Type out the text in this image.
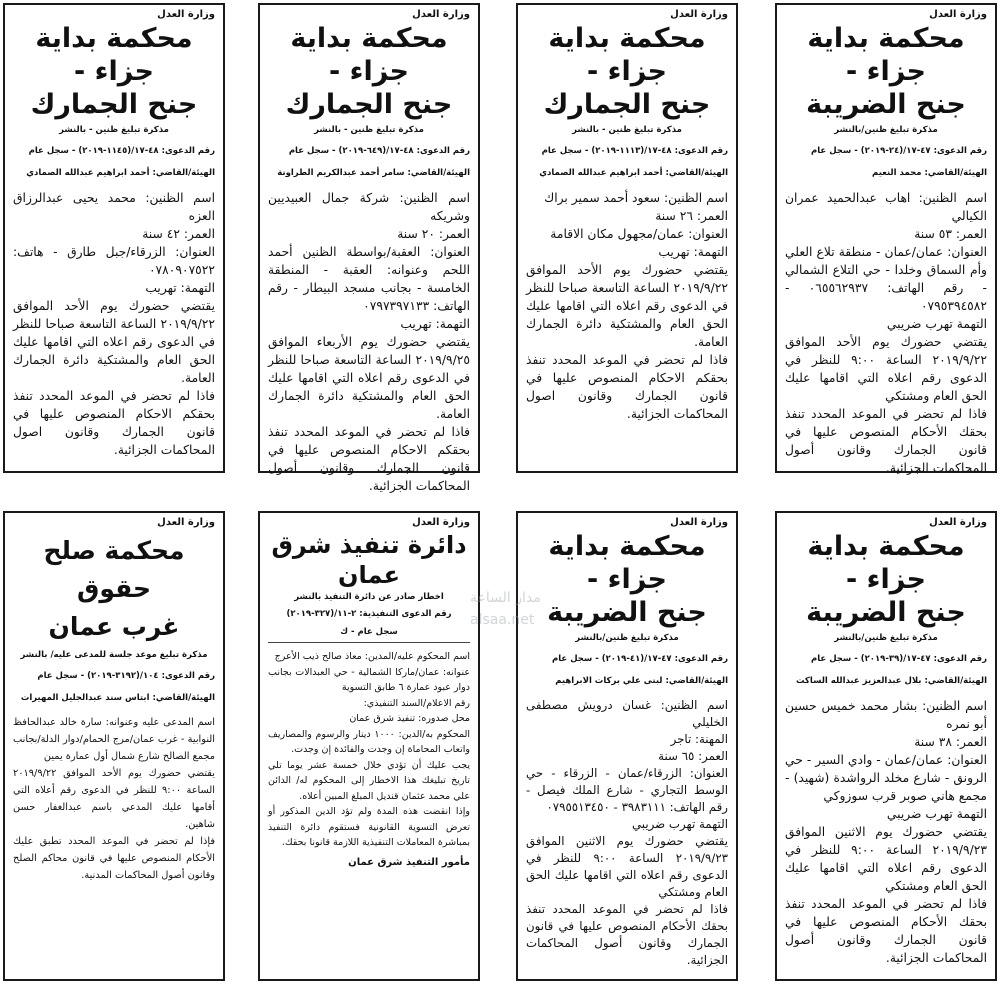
وزارة العدل
محكمة بداية جزاء -
جنح الضريبة
مذكرة تبليغ ظنين/بالنشر
رقم الدعوى: ٤٧-١٧/(٢٤-٢٠١٩) - سجل عام
الهيئة/القاضي: محمد النعيم

اسم الظنين: اهاب عبدالحميد عمران الكيالي

العمر: ٥٣ سنة

العنوان: عمان/عمان - منطقة تلاع العلي وأم السماق وخلدا - حي التلاع الشمالي - رقم الهاتف: ٠٦٥٥٦٢٩٣٧ - ٠٧٩٥٣٩٤٥٨٢

التهمة تهرب ضريبي

يقتضي حضورك يوم الأحد الموافق ٢٠١٩/٩/٢٢ الساعة ٩:٠٠ للنظر في الدعوى رقم اعلاه التي اقامها عليك الحق العام ومشتكي

فاذا لم تحضر في الموعد المحدد تنفذ بحقك الأحكام المنصوص عليها في قانون الجمارك وقانون أصول المحاكمات الجزائية.

وزارة العدل
محكمة بداية جزاء -
جنح الجمارك
مذكرة تبليغ ظنين - بالنشر
رقم الدعوى: ٤٨-١٧/(١١١٣-٢٠١٩) - سجل عام
الهيئة/القاضي: أحمد ابراهيم عبدالله الصمادي

اسم الظنين: سعود أحمد سمير براك

العمر: ٢٦ سنة

العنوان: عمان/مجهول مكان الاقامة

التهمة: تهريب

يقتضي حضورك يوم الأحد الموافق ٢٠١٩/٩/٢٢ الساعة التاسعة صباحا للنظر في الدعوى رقم اعلاه التي اقامها عليك الحق العام والمشتكية دائرة الجمارك العامة.

فاذا لم تحضر في الموعد المحدد تنفذ بحقكم الاحكام المنصوص عليها في قانون الجمارك وقانون اصول المحاكمات الجزائية.

وزارة العدل
محكمة بداية جزاء -
جنح الجمارك
مذكرة تبليغ ظنين - بالنشر
رقم الدعوى: ٤٨-١٧/(٦٤٩-٢٠١٩) - سجل عام
الهيئة/القاضي: سامر أحمد عبدالكريم الطراونة

اسم الظنين: شركة جمال العبيديين وشريكه

العمر: ٢٠ سنة

العنوان: العقبة/بواسطة الظنين أحمد اللحم وعنوانه: العقبة - المنطقة الخامسة - بجانب مسجد البيطار - رقم الهاتف: ٠٧٩٧٣٩٧١٣٣

التهمة: تهريب

يقتضي حضورك يوم الأربعاء الموافق ٢٠١٩/٩/٢٥ الساعة التاسعة صباحا للنظر في الدعوى رقم اعلاه التي اقامها عليك الحق العام والمشتكية دائرة الجمارك العامة.

فاذا لم تحضر في الموعد المحدد تنفذ بحقكم الاحكام المنصوص عليها في قانون الجمارك وقانون أصول المحاكمات الجزائية.

وزارة العدل
محكمة بداية جزاء -
جنح الجمارك
مذكرة تبليغ ظنين - بالنشر
رقم الدعوى: ٤٨-١٧/(١١٤٥-٢٠١٩) - سجل عام
الهيئة/القاضي: أحمد ابراهيم عبدالله الصمادي

اسم الظنين: محمد يحيى عبدالرزاق العزه

العمر: ٤٢ سنة

العنوان: الزرقاء/جبل طارق - هاتف: ٠٧٨٠٩٠٧٥٢٢

التهمة: تهريب

يقتضي حضورك يوم الأحد الموافق ٢٠١٩/٩/٢٢ الساعة التاسعة صباحا للنظر في الدعوى رقم اعلاه التي اقامها عليك الحق العام والمشتكية دائرة الجمارك العامة.

فاذا لم تحضر في الموعد المحدد تنفذ بحقكم الاحكام المنصوص عليها في قانون الجمارك وقانون اصول المحاكمات الجزائية.

وزارة العدل
محكمة بداية جزاء -
جنح الضريبة
مذكرة تبليغ ظنين/بالنشر
رقم الدعوى: ٤٧-١٧/(٣٩-٢٠١٩) - سجل عام
الهيئة/القاضي: بلال عبدالعزيز عبدالله الساكت

اسم الظنين: بشار محمد خميس حسين أبو نمره

العمر: ٣٨ سنة

العنوان: عمان/عمان - وادي السير - حي الرونق - شارع مخلد الرواشدة (شهيد) - مجمع هاني صوبر قرب سوزوكي

التهمة تهرب ضريبي

يقتضي حضورك يوم الاثنين الموافق ٢٠١٩/٩/٢٣ الساعة ٩:٠٠ للنظر في الدعوى رقم اعلاه التي اقامها عليك الحق العام ومشتكي

فاذا لم تحضر في الموعد المحدد تنفذ بحقك الأحكام المنصوص عليها في قانون الجمارك وقانون أصول المحاكمات الجزائية.

وزارة العدل
محكمة بداية جزاء -
جنح الضريبة
مذكرة تبليغ ظنين/بالنشر
رقم الدعوى: ٤٧-١٧/(٤١-٢٠١٩) - سجل عام
الهيئة/القاضي: لبنى علي بركات الابراهيم

اسم الظنين: غسان درويش مصطفى الخليلي

المهنة: تاجر

العمر: ٦٥ سنة

العنوان: الزرقاء/عمان - الزرقاء - حي الوسط التجاري - شارع الملك فيصل - رقم الهاتف: ٣٩٨٣١١١ - ٠٧٩٥٥١٣٤٥٠

التهمة تهرب ضريبي

يقتضي حضورك يوم الاثنين الموافق ٢٠١٩/٩/٢٣ الساعة ٩:٠٠ للنظر في الدعوى رقم اعلاه التي اقامها عليك الحق العام ومشتكي

فاذا لم تحضر في الموعد المحدد تنفذ بحقك الأحكام المنصوص عليها في قانون الجمارك وقانون أصول المحاكمات الجزائية.

وزارة العدل
دائرة تنفيذ شرق عمان
اخطار صادر عن دائرة التنفيذ بالنشر
رقم الدعوى التنفيذية: ٢-١١/(٣٢٧-٢٠١٩)
سجل عام - ك

اسم المحكوم عليه/المدين: معاذ صالح ذيب الأعرج

عنوانه: عمان/ماركا الشمالية - حي العبدالات بجانب دوار عبود عمارة ٦ طابق التسوية

رقم الاعلام/السند التنفيذي:

محل صدوره: تنفيذ شرق عمان

المحكوم به/الدين: ١٠٠٠ دينار والرسوم والمصاريف واتعاب المحاماة إن وجدت والفائدة إن وجدت.

يجب عليك أن تؤدي خلال خمسة عشر يوما تلي تاريخ تبليغك هذا الاخطار إلى المحكوم له/ الدائن علي محمد عثمان قنديل المبلغ المبين أعلاه.

وإذا انقضت هذه المدة ولم تؤد الدين المذكور أو تعرض التسوية القانونية فستقوم دائرة التنفيذ بمباشرة المعاملات التنفيذية اللازمة قانونا بحقك.

مأمور التنفيذ شرق عمان
وزارة العدل
محكمة صلح حقوق
غرب عمان
مذكرة تبليغ موعد جلسة للمدعى عليه/ بالنشر
رقم الدعوى: ١٠٤/(٣١٩٢-٢٠١٩) - سجل عام
الهيئة/القاضي: ابتاس سند عبدالجليل المهيرات

اسم المدعى عليه وعنوانه: سارة خالد عبدالحافظ النوابية - غرب عمان/مرج الحمام/دوار الدلة/بجانب مجمع الصالح شارع شمال أول عمارة يمين

يقتضي حضورك يوم الأحد الموافق ٢٠١٩/٩/٢٢ الساعة ٩:٠٠ للنظر في الدعوى رقم أعلاه التي أقامها عليك المدعي باسم عبدالغفار حسن شاهين.

فإذا لم تحضر في الموعد المحدد تطبق عليك الأحكام المنصوص عليها في قانون محاكم الصلح وقانون أصول المحاكمات المدنية.

مدار الساعة
alsaa.net
